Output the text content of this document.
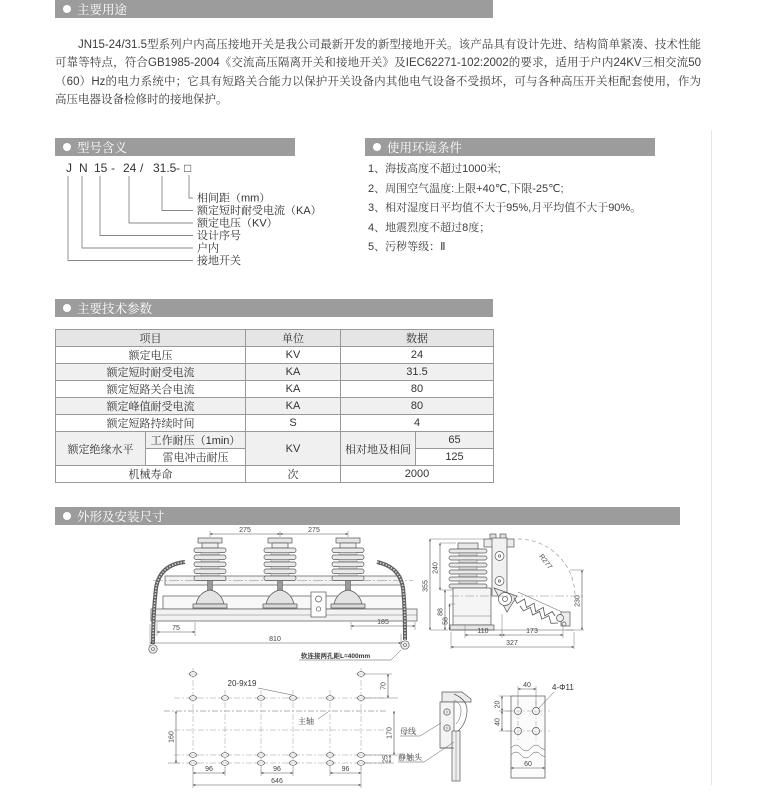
主要用途

JN15-24/31.5型系列户内高压接地开关是我公司最新开发的新型接地开关。该产品具有设计先进、结构简单紧凑、技术性能可靠等特点，符合GB1985-2004《交流高压隔离开关和接地开关》及IEC62271-102:2002的要求，适用于户内24KV三相交流50（60）Hz的电力系统中；它具有短路关合能力以保护开关设备内其他电气设备不受损坏，可与各种高压开关柜配套使用，作为高压电器设备检修时的接地保护。

型号含义	使用环境条件
J N 15 - 24 / 31.5 - □
相间距（mm）
额定短时耐受电流（KA）
额定电压（KV）
设计序号
户内
接地开关
1、海拔高度不超过1000米;
2、周围空气温度:上限+40℃,下限-25℃;
3、相对湿度日平均值不大于95%,月平均值不大于90%。
4、地震烈度不超过8度；
5、污秽等级：Ⅱ
主要技术参数
项目		单位	数据	
额定电压		KV	24	
额定短时耐受电流		KA	31.5	
额定短路关合电流		KA	80	
额定峰值耐受电流		KA	80	
额定短路持续时间		S	4	
额定绝缘水平	工作耐压（1min）	KV	相对地及相间	65
	雷电冲击耐压			125
机械寿命		次	2000	
外形及安装尺寸
275	275
75
185
810
软连接两孔距L=400mm
R277
355
240
88
58
230
110	173
327
20-9x19
主轴
70
170
25
160
96	96	96
646
母线
静触头
40
20
40
60
4-Φ11
